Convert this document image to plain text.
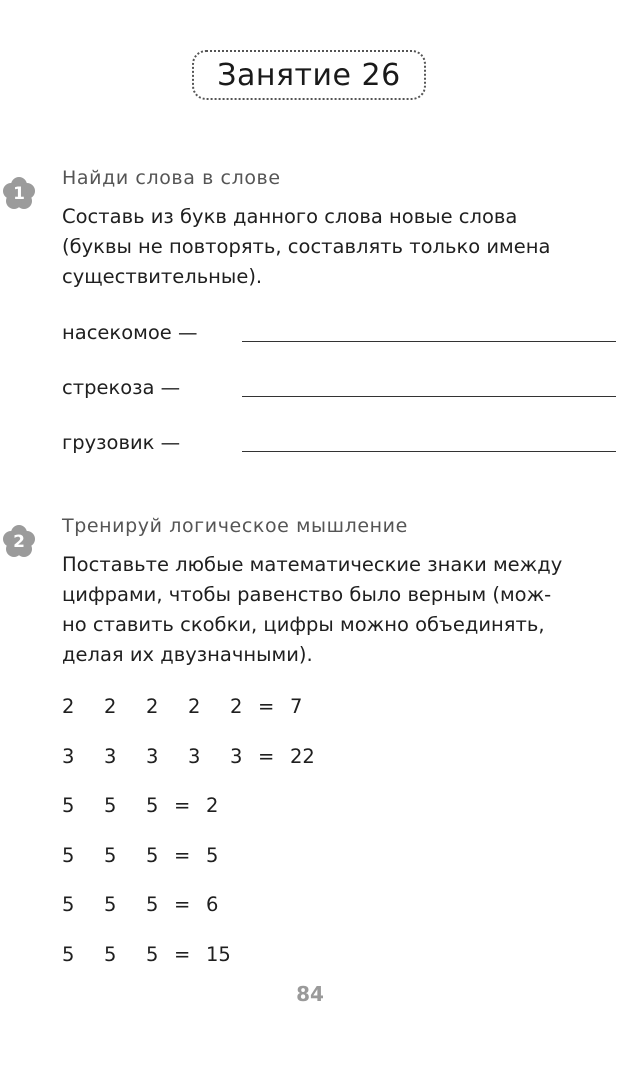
Занятие 26
1
Найди слова в слове

Составь из букв данного слова новые слова
(буквы не повторять, составлять только имена
существительные).

насекомое —
стрекоза —
грузовик —
2
Тренируй логическое мышление

Поставьте любые математические знаки между
цифрами, чтобы равенство было верным (мож-
но ставить скобки, цифры можно объединять,
делая их двузначными).

2	2	2	2	2 = 7
3	3	3	3	3 = 22
5	5	5 = 2
5	5	5 = 5
5	5	5 = 6
5	5	5 = 15
84
